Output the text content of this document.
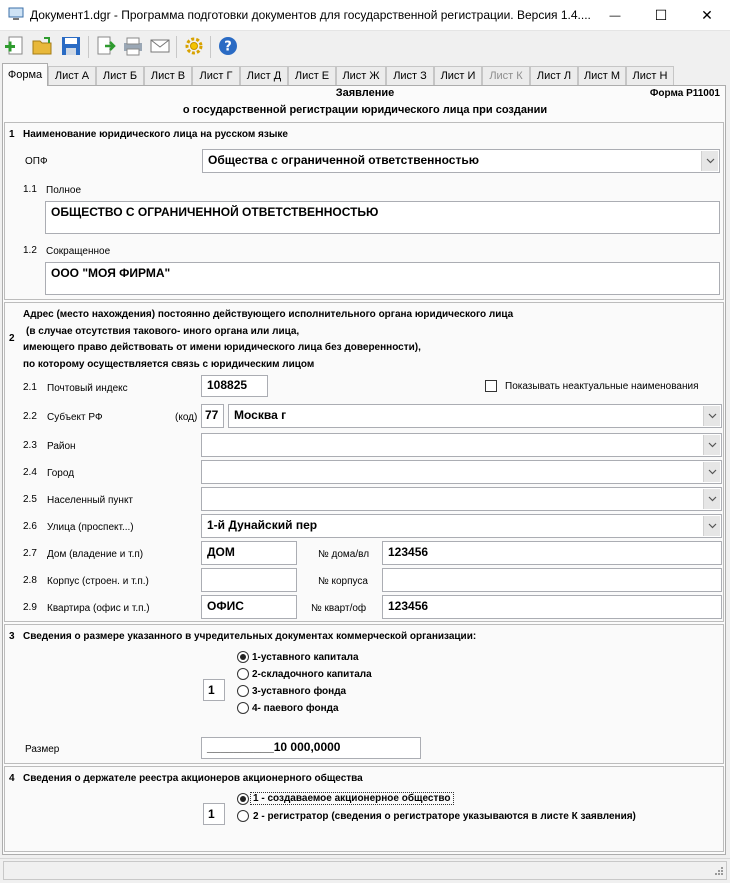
Документ1.dgr - Программа подготовки документов для государственной регистрации. Версия 1.4.... — ☐ ✕
?
Форма	Лист А	Лист Б	Лист В	Лист Г	Лист Д	Лист Е	Лист Ж	Лист З	Лист И	Лист К	Лист Л	Лист М	Лист Н
Заявление
о государственной регистрации юридического лица при создании
Форма Р11001
1 Наименование юридического лица на русском языке
ОПФ	Общества с ограниченной ответственностью
1.1 Полное
ОБЩЕСТВО С ОГРАНИЧЕННОЙ ОТВЕТСТВЕННОСТЬЮ
1.2 Сокращенное
ООО "МОЯ ФИРМА"
2
Адрес (место нахождения) постоянно действующего исполнительного органа юридического лица
(в случае отсутствия такового- иного органа или лица,
имеющего право действовать от имени юридического лица без доверенности),
по которому осуществляется связь с юридическим лицом
2.1 Почтовый индекс	108825	Показывать неактуальные наименования
2.2 Субъект РФ	(код) 77	Москва г
2.3 Район
2.4 Город
2.5 Населенный пункт
2.6 Улица (проспект...)	1-й Дунайский пер
2.7 Дом (владение и т.п)	ДОМ	№ дома/вл	123456
2.8 Корпус (строен. и т.п.)	№ корпуса
2.9 Квартира (офис и т.п.)	ОФИС	№ кварт/оф	123456
3 Сведения о размере указанного в учредительных документах коммерческой организации:
1
1-уставного капитала
2-складочного капитала
3-уставного фонда
4- паевого фонда
Размер	__________10 000,0000
4 Сведения о держателе реестра акционеров акционерного общества
1
1 - создаваемое акционерное общество
2 - регистратор (сведения о регистраторе указываются в листе К заявления)
